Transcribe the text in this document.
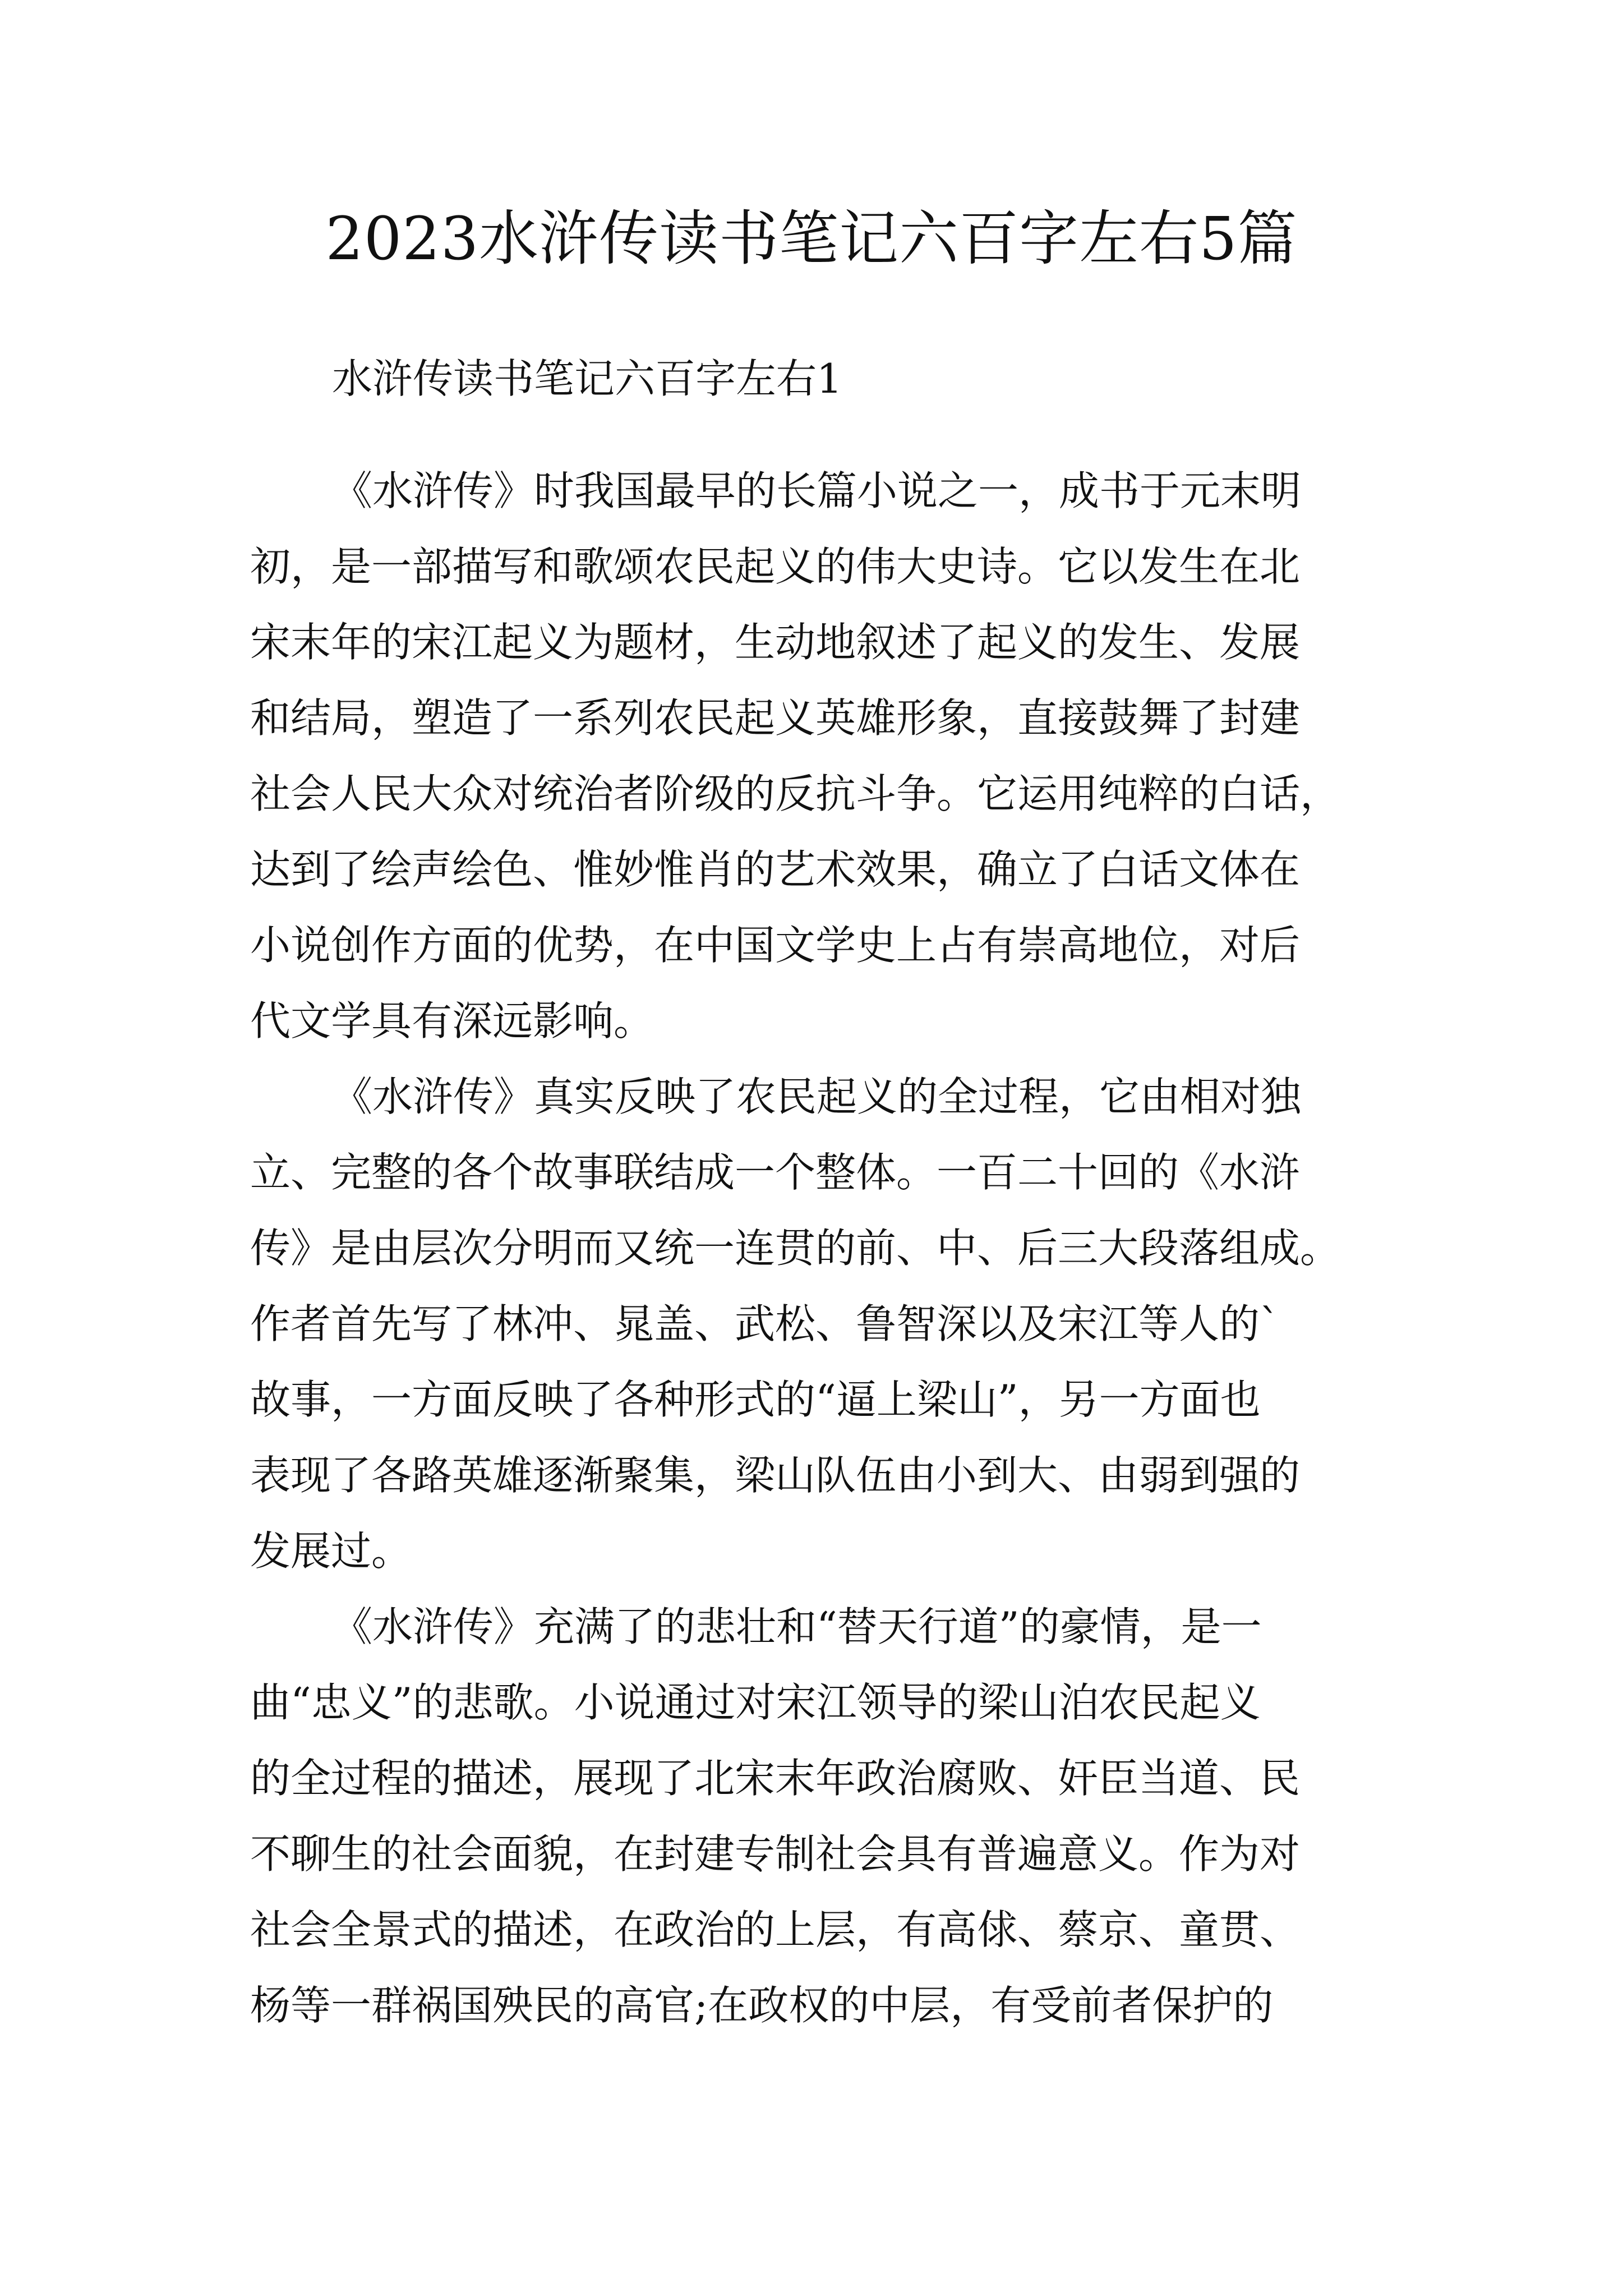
2023水浒传读书笔记六百字左右5篇

水浒传读书笔记六百字左右1

《水浒传》时我国最早的长篇小说之一，成书于元末明

初，是一部描写和歌颂农民起义的伟大史诗。它以发生在北

宋末年的宋江起义为题材，生动地叙述了起义的发生、发展

和结局，塑造了一系列农民起义英雄形象，直接鼓舞了封建

社会人民大众对统治者阶级的反抗斗争。它运用纯粹的白话，

达到了绘声绘色、惟妙惟肖的艺术效果，确立了白话文体在

小说创作方面的优势，在中国文学史上占有崇高地位，对后

代文学具有深远影响。

《水浒传》真实反映了农民起义的全过程，它由相对独

立、完整的各个故事联结成一个整体。一百二十回的《水浒

传》是由层次分明而又统一连贯的前、中、后三大段落组成。

作者首先写了林冲、晁盖、武松、鲁智深以及宋江等人的`

故事，一方面反映了各种形式的“逼上梁山”，另一方面也

表现了各路英雄逐渐聚集，梁山队伍由小到大、由弱到强的

发展过。

《水浒传》充满了的悲壮和“替天行道”的豪情，是一

曲“忠义”的悲歌。小说通过对宋江领导的梁山泊农民起义

的全过程的描述，展现了北宋末年政治腐败、奸臣当道、民

不聊生的社会面貌，在封建专制社会具有普遍意义。作为对

社会全景式的描述，在政治的上层，有高俅、蔡京、童贯、

杨等一群祸国殃民的高官;在政权的中层，有受前者保护的
